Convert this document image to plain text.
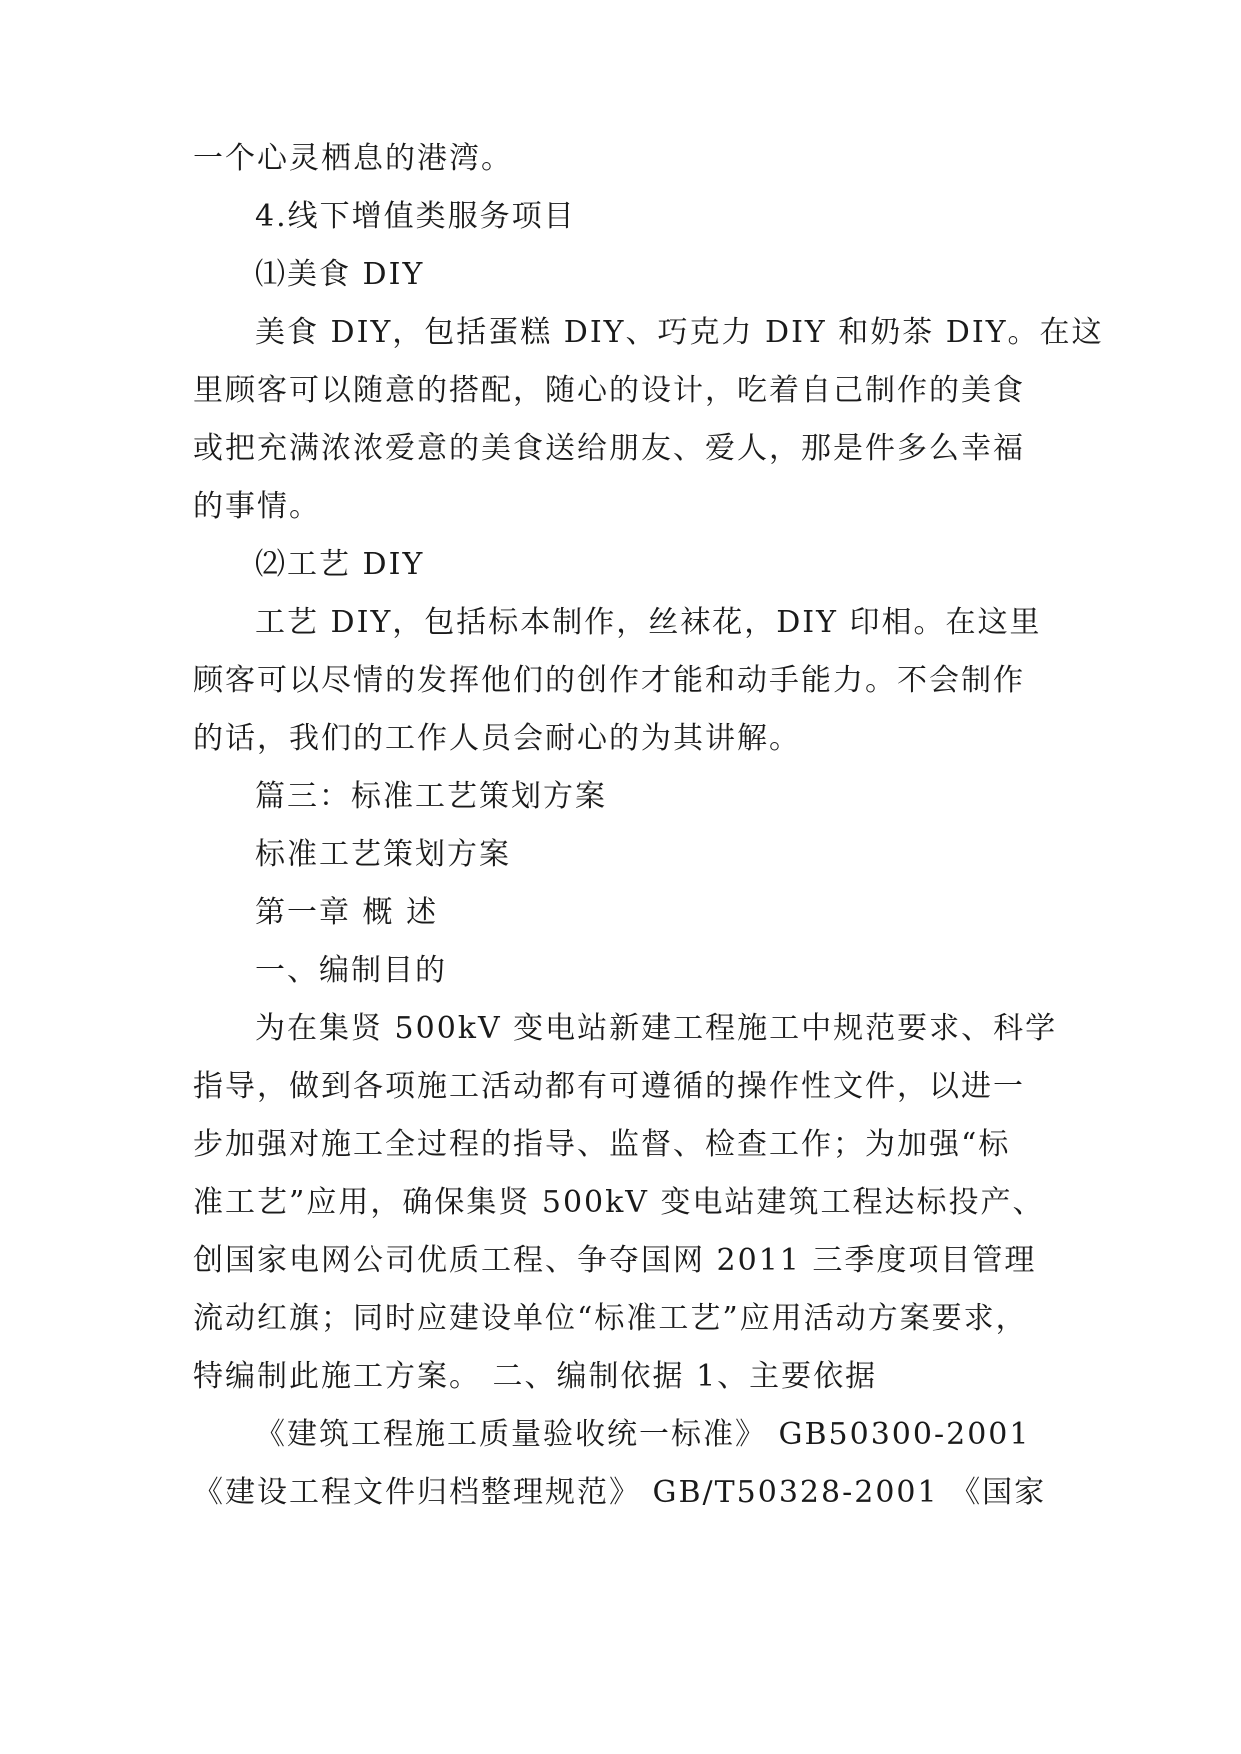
一个心灵栖息的港湾。
4.线下增值类服务项目
⑴美食 DIY
美食 DIY，包括蛋糕 DIY、巧克力 DIY 和奶茶 DIY。在这
里顾客可以随意的搭配，随心的设计，吃着自己制作的美食
或把充满浓浓爱意的美食送给朋友、爱人，那是件多么幸福
的事情。
⑵工艺 DIY
工艺 DIY，包括标本制作，丝袜花，DIY 印相。在这里
顾客可以尽情的发挥他们的创作才能和动手能力。不会制作
的话，我们的工作人员会耐心的为其讲解。
篇三：标准工艺策划方案
标准工艺策划方案
第一章 概 述
一、编制目的
为在集贤 500kV 变电站新建工程施工中规范要求、科学
指导，做到各项施工活动都有可遵循的操作性文件，以进一
步加强对施工全过程的指导、监督、检查工作；为加强“标
准工艺”应用，确保集贤 500kV 变电站建筑工程达标投产、
创国家电网公司优质工程、争夺国网 2011 三季度项目管理
流动红旗；同时应建设单位“标准工艺”应用活动方案要求，
特编制此施工方案。 二、编制依据 1、主要依据
《建筑工程施工质量验收统一标准》 GB50300-2001
《建设工程文件归档整理规范》 GB/T50328-2001 《国家
